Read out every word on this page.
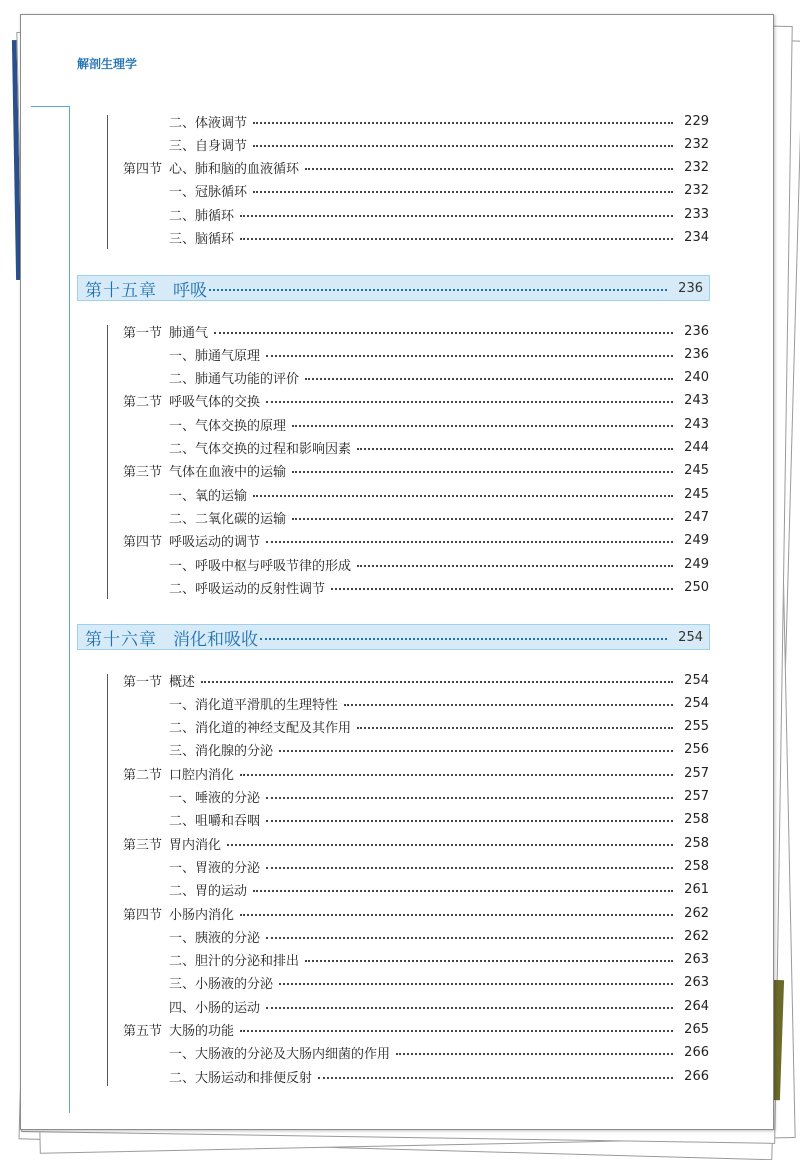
解剖生理学
二、体液调节	229
三、自身调节	232
第四节 心、肺和脑的血液循环	232
一、冠脉循环	232
二、肺循环	233
三、脑循环	234
第十五章 呼吸	236
第一节 肺通气	236
一、肺通气原理	236
二、肺通气功能的评价	240
第二节 呼吸气体的交换	243
一、气体交换的原理	243
二、气体交换的过程和影响因素	244
第三节 气体在血液中的运输	245
一、氧的运输	245
二、二氧化碳的运输	247
第四节 呼吸运动的调节	249
一、呼吸中枢与呼吸节律的形成	249
二、呼吸运动的反射性调节	250
第十六章 消化和吸收	254
第一节 概述	254
一、消化道平滑肌的生理特性	254
二、消化道的神经支配及其作用	255
三、消化腺的分泌	256
第二节 口腔内消化	257
一、唾液的分泌	257
二、咀嚼和吞咽	258
第三节 胃内消化	258
一、胃液的分泌	258
二、胃的运动	261
第四节 小肠内消化	262
一、胰液的分泌	262
二、胆汁的分泌和排出	263
三、小肠液的分泌	263
四、小肠的运动	264
第五节 大肠的功能	265
一、大肠液的分泌及大肠内细菌的作用	266
二、大肠运动和排便反射	266
